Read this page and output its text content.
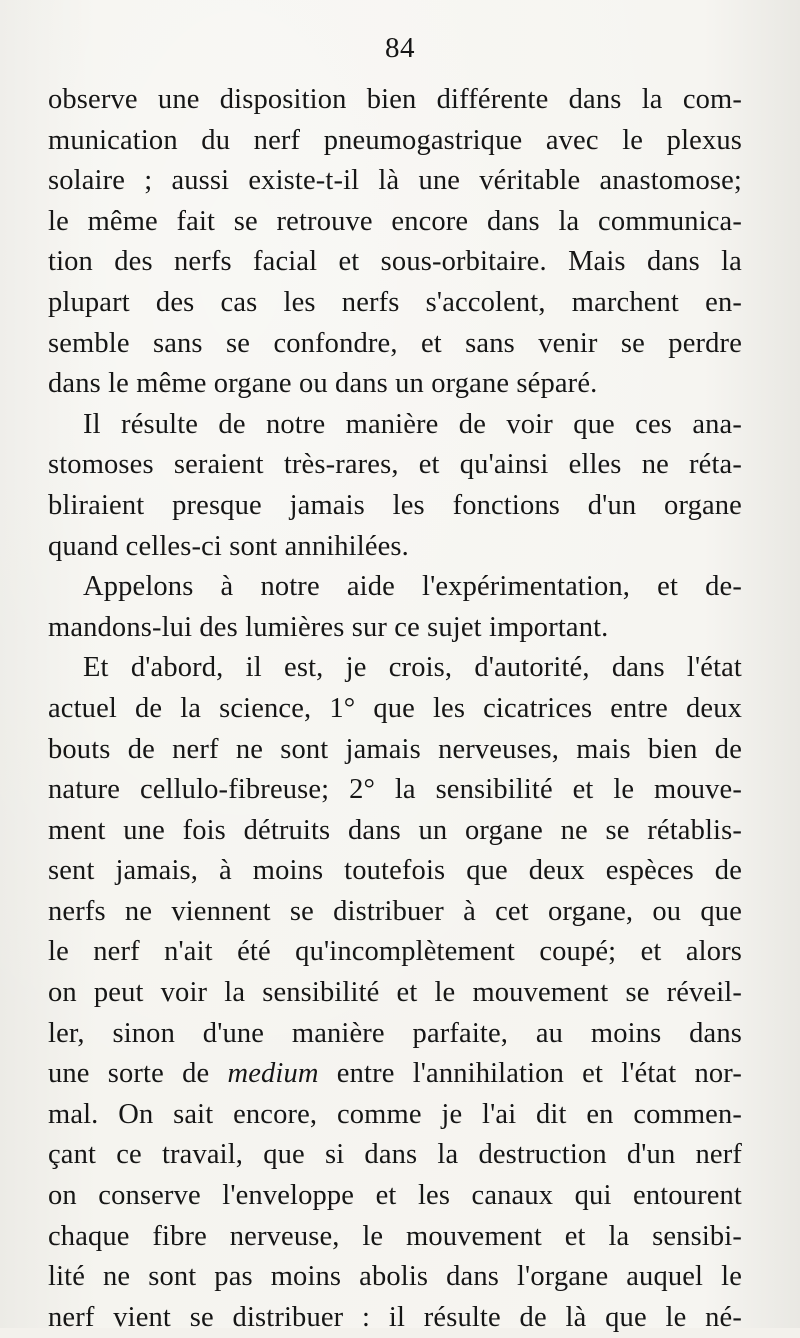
84
observe une disposition bien différente dans la com-
munication du nerf pneumogastrique avec le plexus
solaire ; aussi existe-t-il là une véritable anastomose;
le même fait se retrouve encore dans la communica-
tion des nerfs facial et sous-orbitaire. Mais dans la
plupart des cas les nerfs s'accolent, marchent en-
semble sans se confondre, et sans venir se perdre
dans le même organe ou dans un organe séparé.
Il résulte de notre manière de voir que ces ana-
stomoses seraient très-rares, et qu'ainsi elles ne réta-
bliraient presque jamais les fonctions d'un organe
quand celles-ci sont annihilées.
Appelons à notre aide l'expérimentation, et de-
mandons-lui des lumières sur ce sujet important.
Et d'abord, il est, je crois, d'autorité, dans l'état
actuel de la science, 1° que les cicatrices entre deux
bouts de nerf ne sont jamais nerveuses, mais bien de
nature cellulo-fibreuse; 2° la sensibilité et le mouve-
ment une fois détruits dans un organe ne se rétablis-
sent jamais, à moins toutefois que deux espèces de
nerfs ne viennent se distribuer à cet organe, ou que
le nerf n'ait été qu'incomplètement coupé; et alors
on peut voir la sensibilité et le mouvement se réveil-
ler, sinon d'une manière parfaite, au moins dans
une sorte de medium entre l'annihilation et l'état nor-
mal. On sait encore, comme je l'ai dit en commen-
çant ce travail, que si dans la destruction d'un nerf
on conserve l'enveloppe et les canaux qui entourent
chaque fibre nerveuse, le mouvement et la sensibi-
lité ne sont pas moins abolis dans l'organe auquel le
nerf vient se distribuer : il résulte de là que le né-
